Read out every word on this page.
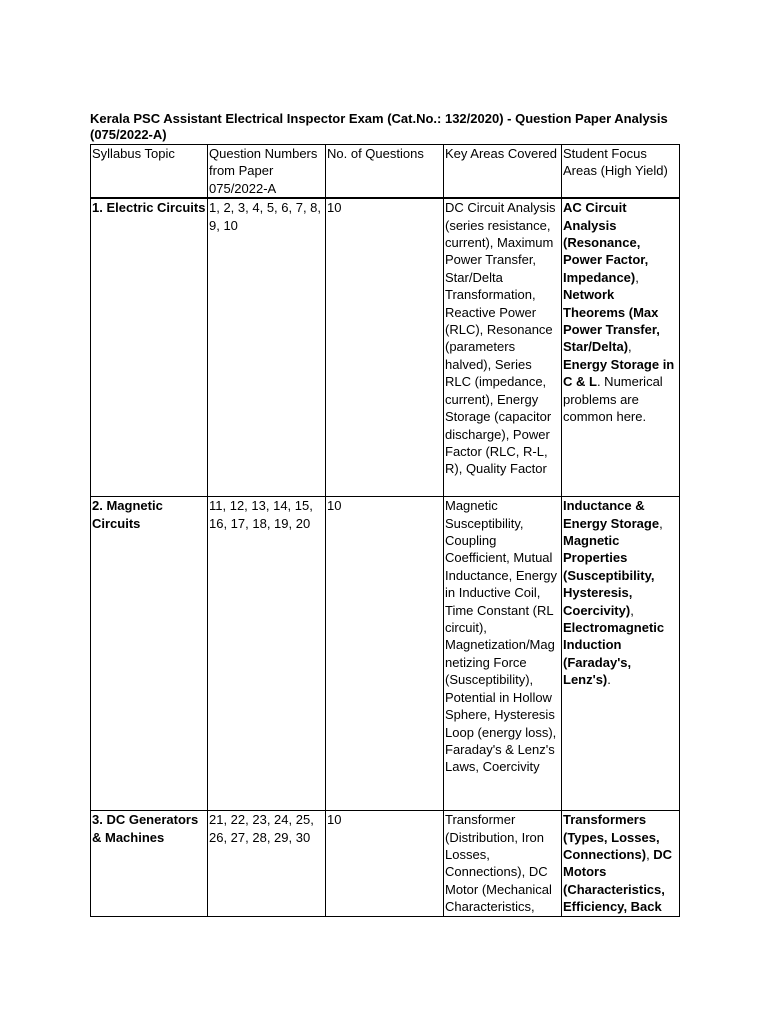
Kerala PSC Assistant Electrical Inspector Exam (Cat.No.: 132/2020) - Question Paper Analysis (075/2022-A)
Syllabus Topic	Question Numbers from Paper 075/2022-A	No. of Questions	Key Areas Covered	Student Focus Areas (High Yield)
1. Electric Circuits	1, 2, 3, 4, 5, 6, 7, 8, 9, 10	10	DC Circuit Analysis (series resistance, current), Maximum Power Transfer, Star/Delta Transformation, Reactive Power (RLC), Resonance (parameters halved), Series RLC (impedance, current), Energy Storage (capacitor discharge), Power Factor (RLC, R-L, R), Quality Factor	AC Circuit Analysis (Resonance, Power Factor, Impedance), Network Theorems (Max Power Transfer, Star/Delta), Energy Storage in C & L. Numerical problems are common here.
2. Magnetic Circuits	11, 12, 13, 14, 15, 16, 17, 18, 19, 20	10	Magnetic Susceptibility, Coupling Coefficient, Mutual Inductance, Energy in Inductive Coil, Time Constant (RL circuit), Magnetization/Magnetizing Force (Susceptibility), Potential in Hollow Sphere, Hysteresis Loop (energy loss), Faraday's & Lenz's Laws, Coercivity	Inductance & Energy Storage, Magnetic Properties (Susceptibility, Hysteresis, Coercivity), Electromagnetic Induction (Faraday's, Lenz's).
3. DC Generators & Machines	21, 22, 23, 24, 25, 26, 27, 28, 29, 30	10	Transformer (Distribution, Iron Losses, Connections), DC Motor (Mechanical Characteristics,	Transformers (Types, Losses, Connections), DC Motors (Characteristics, Efficiency, Back
